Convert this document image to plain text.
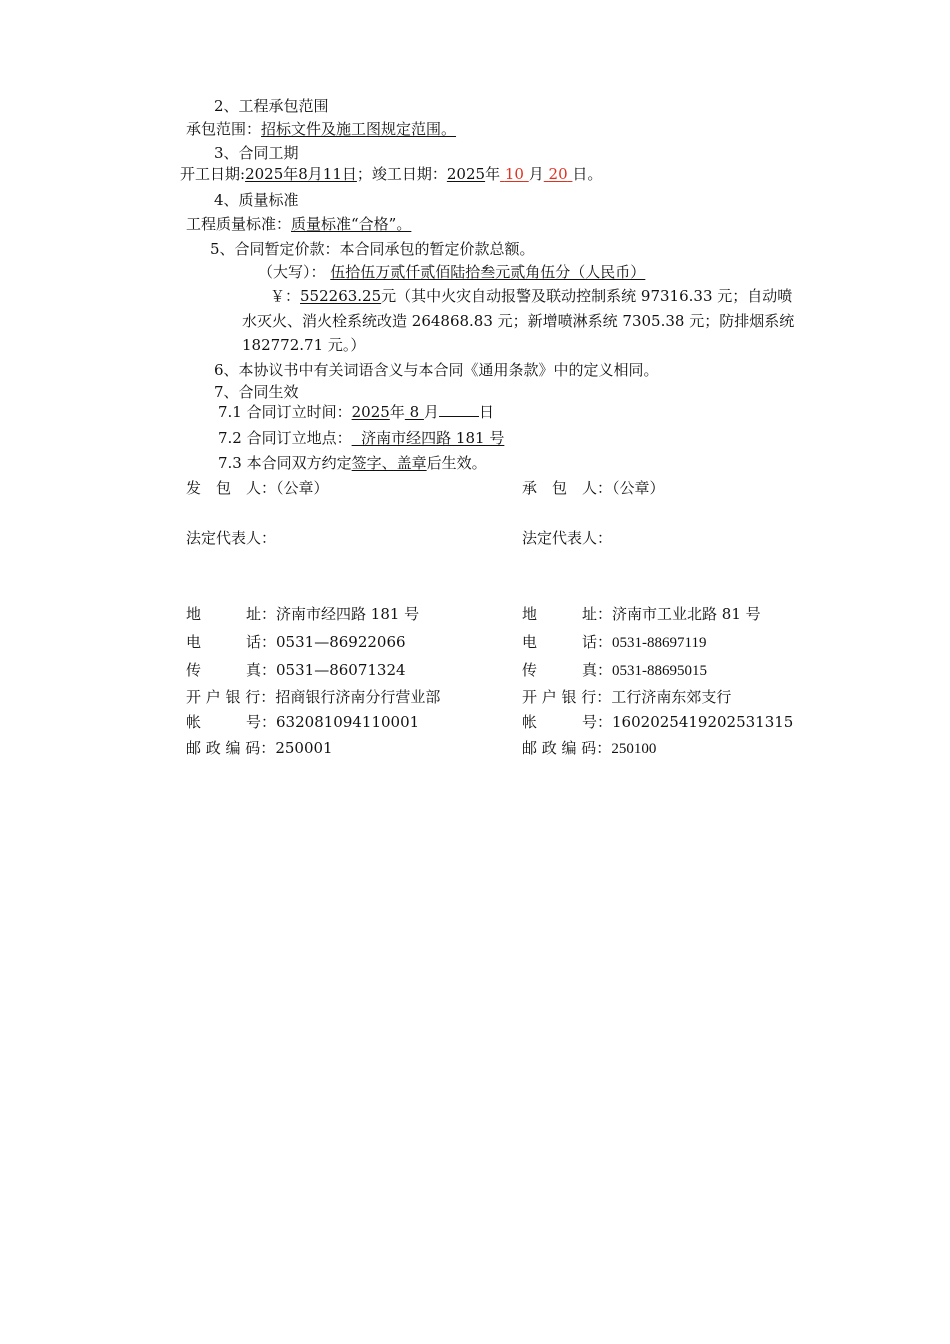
2、工程承包范围
承包范围：招标文件及施工图规定范围。
3、合同工期
开工日期:2025年8月11日；竣工日期：2025年 10 月 20 日。
4、质量标准
工程质量标准：质量标准“合格”。
5、合同暂定价款：本合同承包的暂定价款总额。
（大写）： 伍拾伍万贰仟贰佰陆拾叁元贰角伍分（人民币）
￥：552263.25元（其中火灾自动报警及联动控制系统 97316.33 元；自动喷
水灭火、消火栓系统改造 264868.83 元；新增喷淋系统 7305.38 元；防排烟系统
182772.71 元。）
6、本协议书中有关词语含义与本合同《通用条款》中的定义相同。
7、合同生效
7.1 合同订立时间：2025年 8 月	日
7.2 合同订立地点：  济南市经四路 181 号
7.3 本合同双方约定签字、盖章后生效。
发　包　人：（公章）	承　包　人：（公章）
法定代表人：	法定代表人：
地　　　址：济南市经四路 181 号	地　　　址：济南市工业北路 81 号
电　　　话：0531—86922066	电　　　话：0531-88697119
传　　　真：0531—86071324	传　　　真：0531-88695015
开 户 银 行：招商银行济南分行营业部	开 户 银 行：工行济南东郊支行
帐　　　号：632081094110001	帐　　　号：1602025419202531315
邮 政 编 码：250001	邮 政 编 码：250100
